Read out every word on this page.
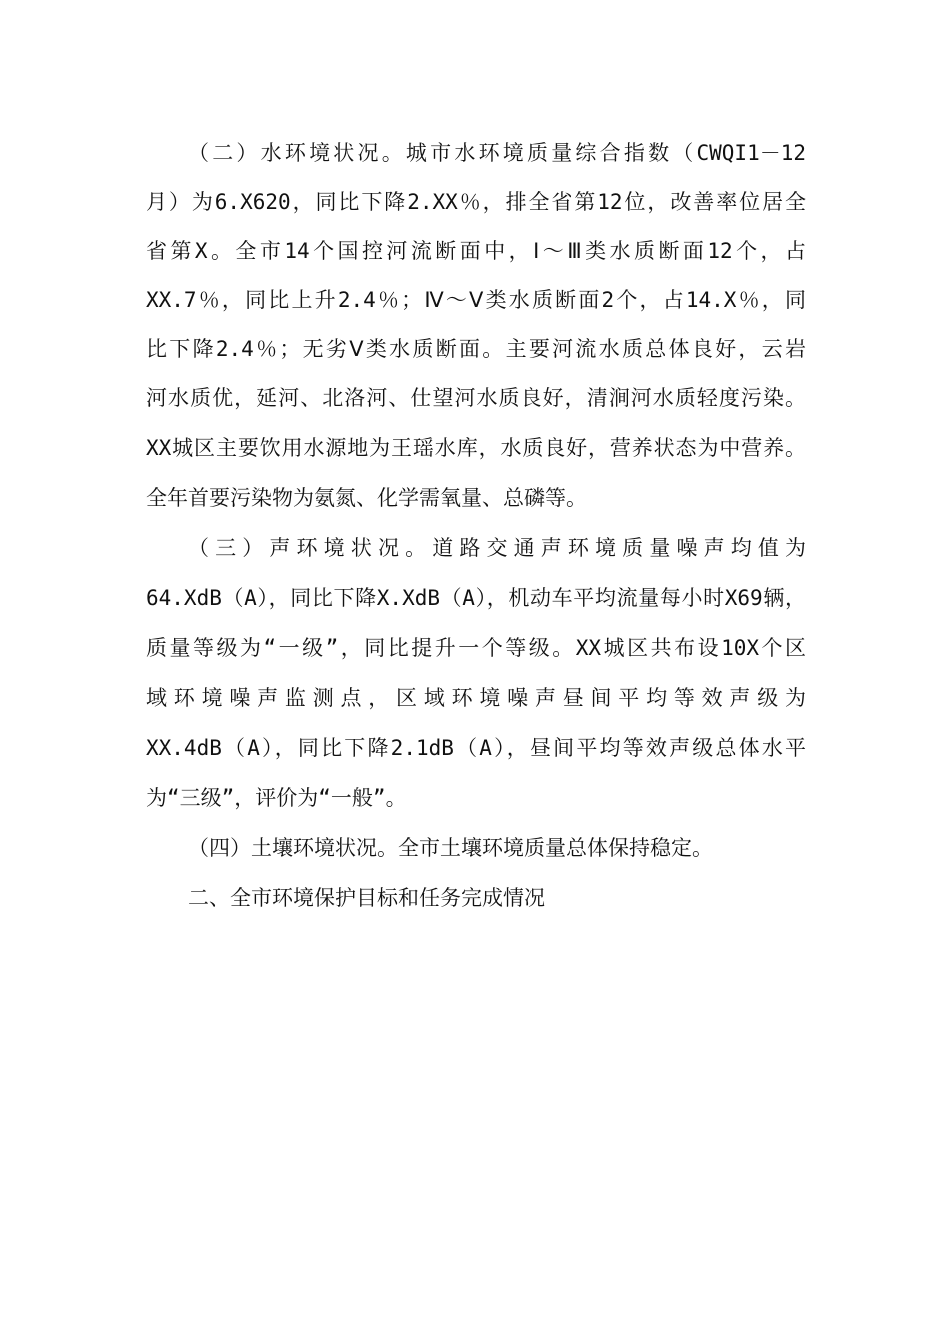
（二）水环境状况。城市水环境质量综合指数（CWQI1－12
月）为6.X620，同比下降2.XX％，排全省第12位，改善率位居全
省第X。全市14个国控河流断面中，Ⅰ～Ⅲ类水质断面12个，占
XX.7％，同比上升2.4％；Ⅳ～Ⅴ类水质断面2个，占14.X％，同
比下降2.4％；无劣Ⅴ类水质断面。主要河流水质总体良好，云岩
河水质优，延河、北洛河、仕望河水质良好，清涧河水质轻度污染。
XX城区主要饮用水源地为王瑶水库，水质良好，营养状态为中营养。
全年首要污染物为氨氮、化学需氧量、总磷等。
（三）声环境状况。道路交通声环境质量噪声均值为
64.XdB（A），同比下降X.XdB（A），机动车平均流量每小时X69辆，
质量等级为“一级”，同比提升一个等级。XX城区共布设10X个区
域环境噪声监测点，区域环境噪声昼间平均等效声级为
XX.4dB（A），同比下降2.1dB（A），昼间平均等效声级总体水平
为“三级”，评价为“一般”。
（四）土壤环境状况。全市土壤环境质量总体保持稳定。
二、全市环境保护目标和任务完成情况
